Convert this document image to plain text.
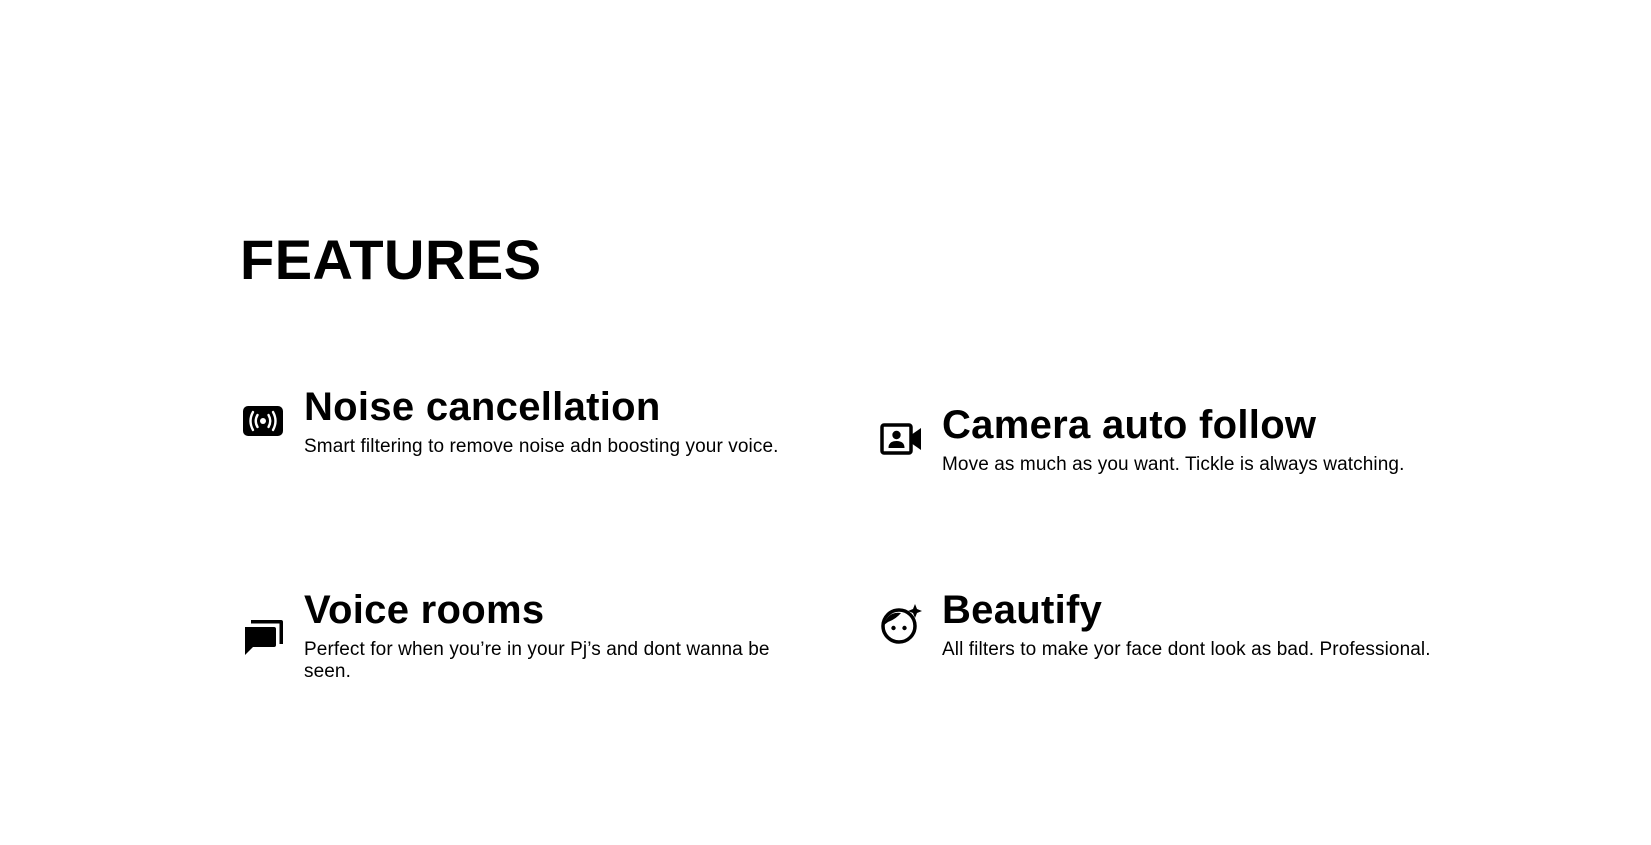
FEATURES
Noise cancellation

Smart filtering to remove noise adn boosting your voice.	Camera auto follow

Move as much as you want. Tickle is always watching.

Voice rooms

Perfect for when you’re in your Pj’s and dont wanna be seen.

Beautify

All filters to make yor face dont look as bad. Professional.
